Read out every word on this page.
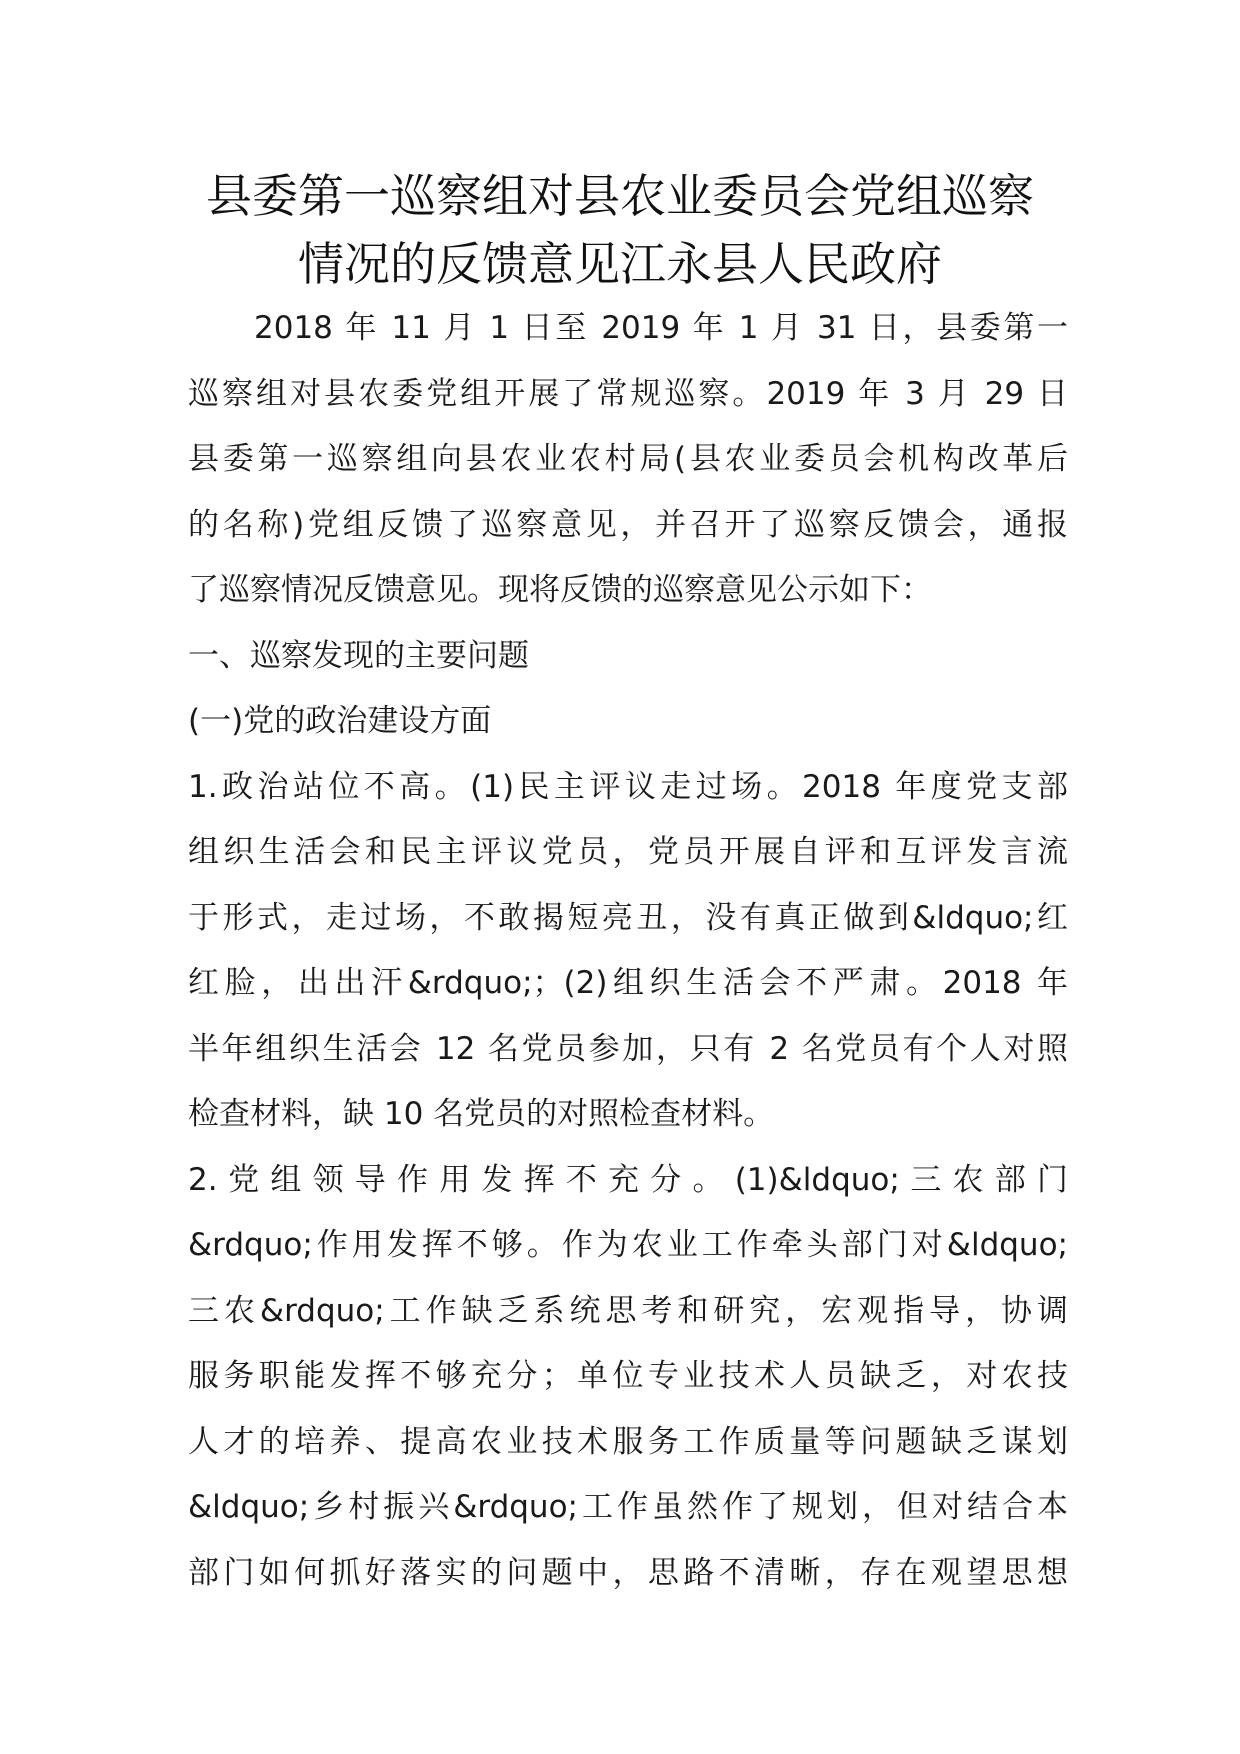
县委第一巡察组对县农业委员会党组巡察
情况的反馈意见江永县人民政府
2018 年 11 月 1 日至 2019 年 1 月 31 日，县委第一
巡察组对县农委党组开展了常规巡察。2019 年 3 月 29 日
县委第一巡察组向县农业农村局(县农业委员会机构改革后
的名称)党组反馈了巡察意见，并召开了巡察反馈会，通报
了巡察情况反馈意见。现将反馈的巡察意见公示如下：
一、巡察发现的主要问题
(一)党的政治建设方面
1.政治站位不高。(1)民主评议走过场。2018 年度党支部
组织生活会和民主评议党员，党员开展自评和互评发言流
于形式，走过场，不敢揭短亮丑，没有真正做到&ldquo;红
红脸，出出汗&rdquo;；(2)组织生活会不严肃。2018 年
半年组织生活会 12 名党员参加，只有 2 名党员有个人对照
检查材料，缺 10 名党员的对照检查材料。
2. 党 组 领 导 作 用 发 挥 不 充 分 。 (1)&ldquo; 三 农 部 门
&rdquo;作用发挥不够。作为农业工作牵头部门对&ldquo;
三农&rdquo;工作缺乏系统思考和研究，宏观指导，协调
服务职能发挥不够充分；单位专业技术人员缺乏，对农技
人才的培养、提高农业技术服务工作质量等问题缺乏谋划
&ldquo;乡村振兴&rdquo;工作虽然作了规划，但对结合本
部门如何抓好落实的问题中，思路不清晰，存在观望思想
